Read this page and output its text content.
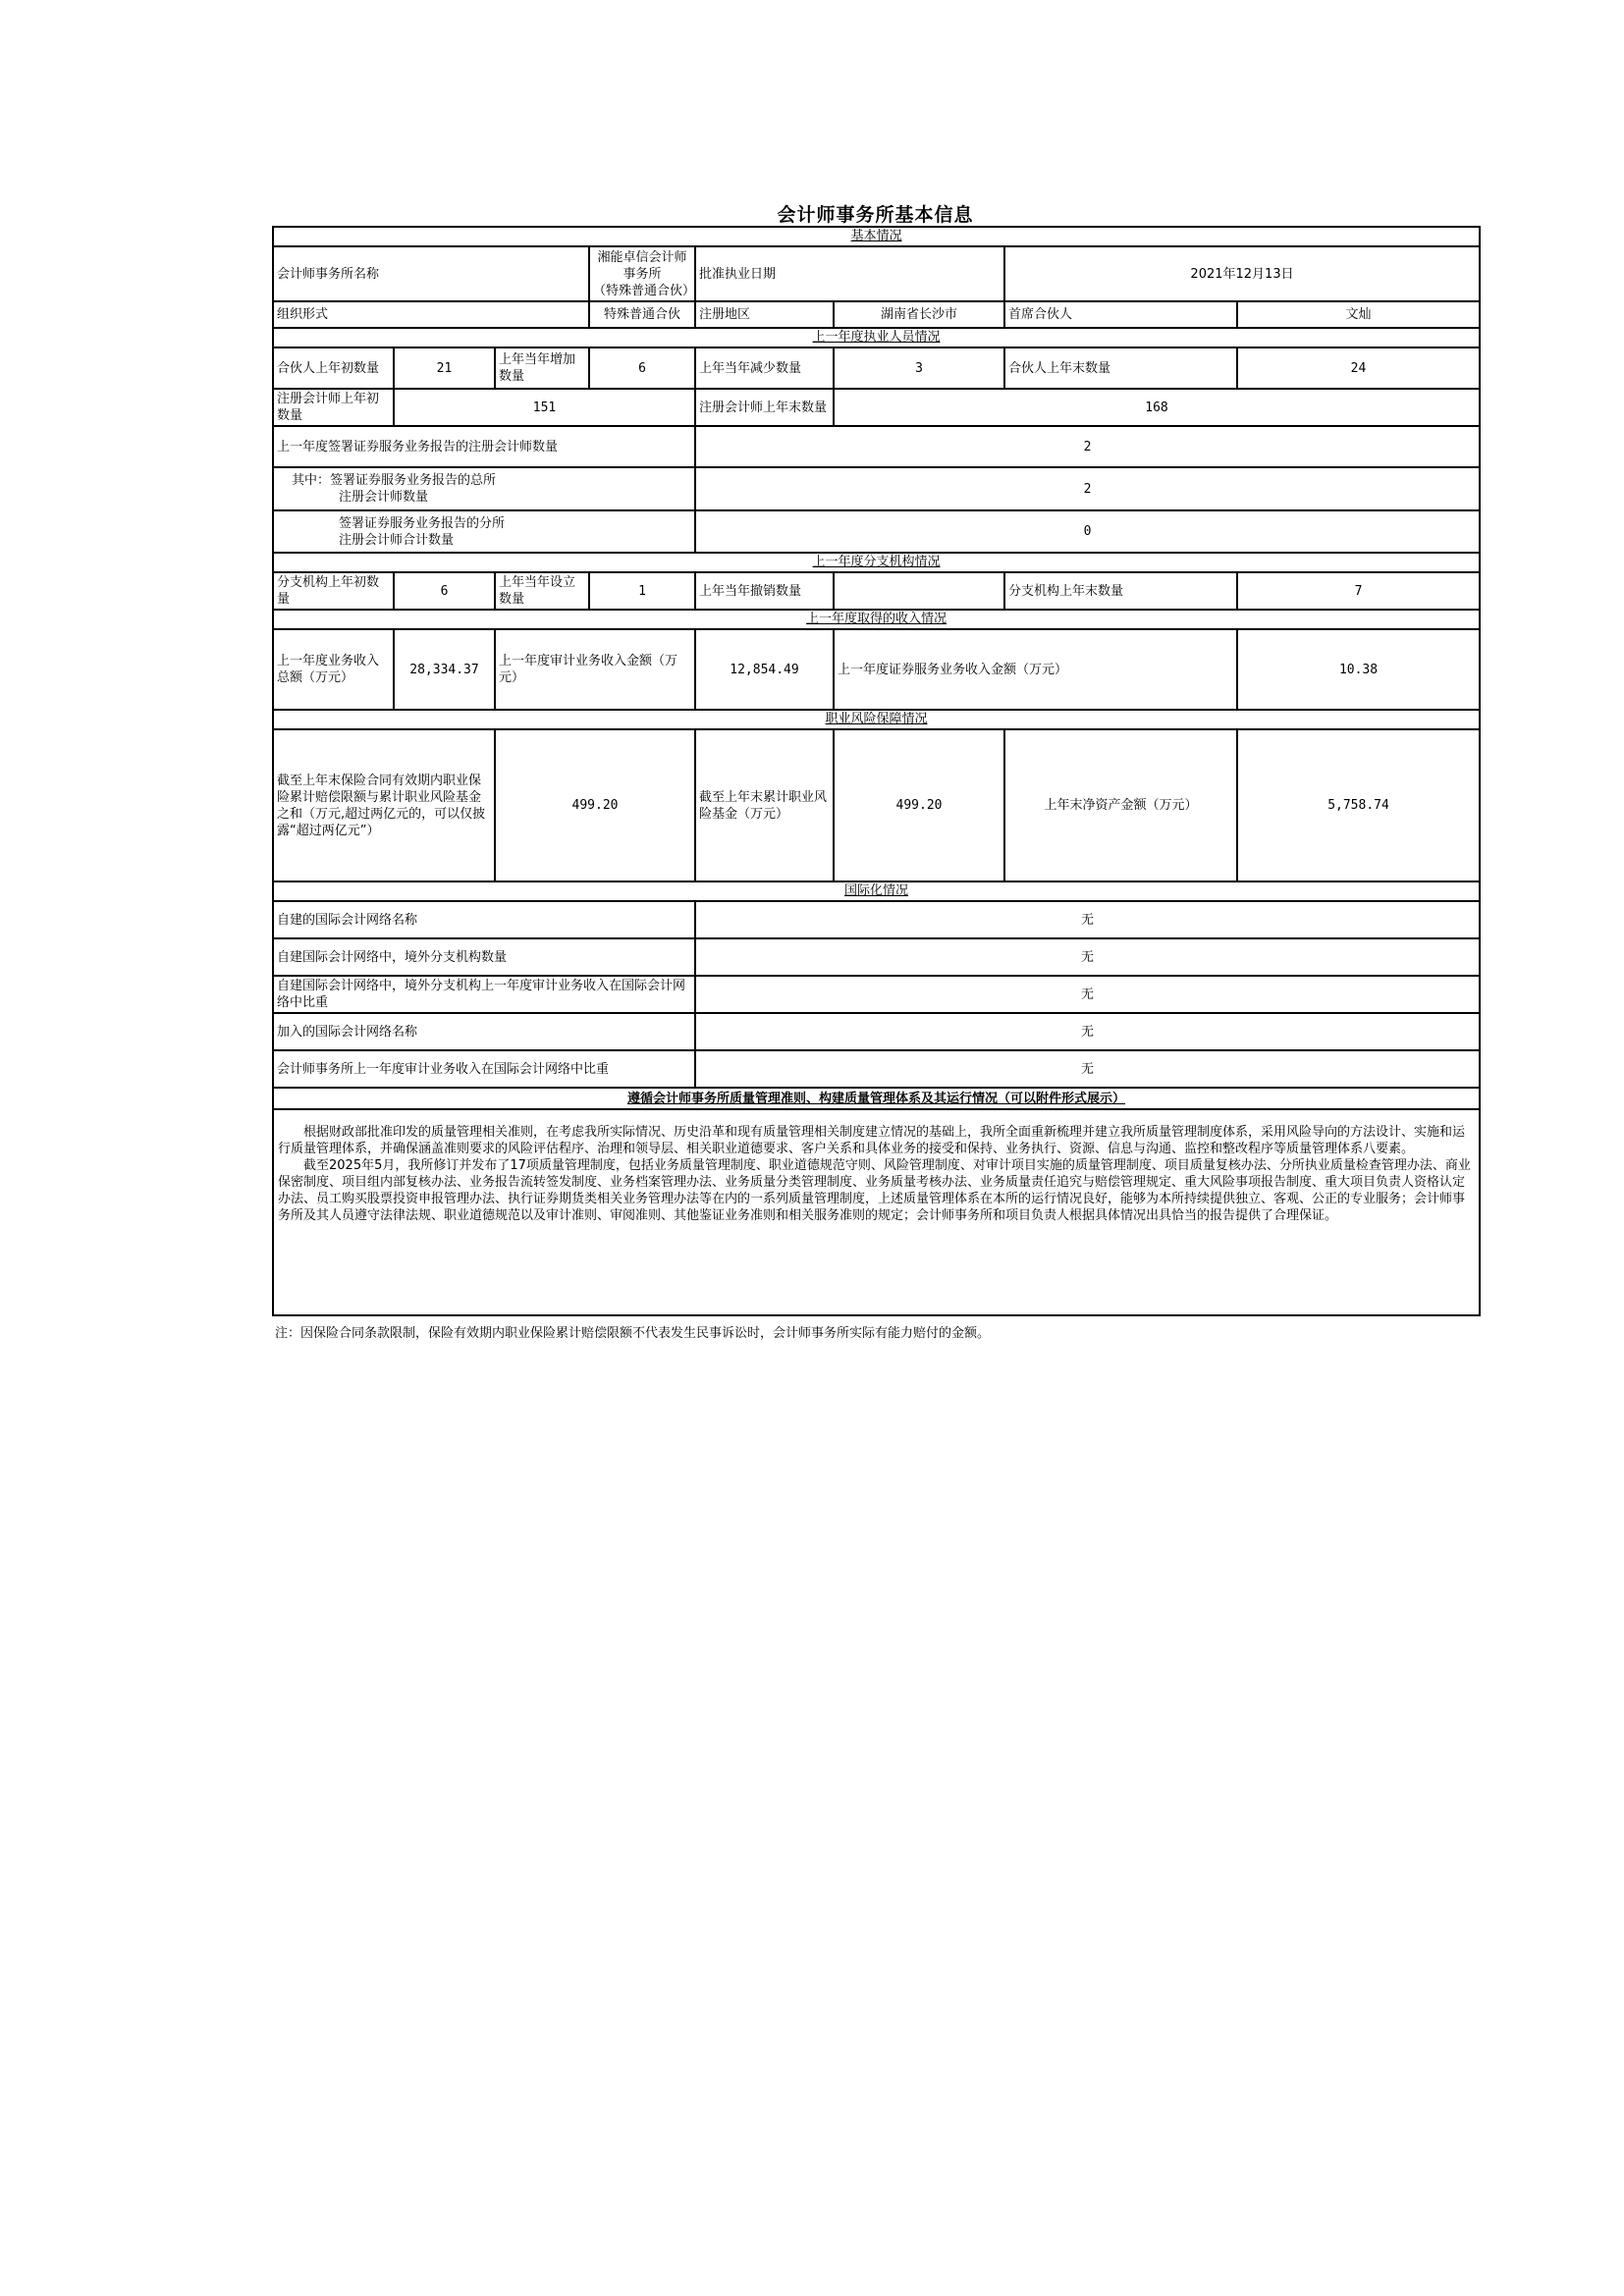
会计师事务所基本信息
基本情况							
会计师事务所名称			湘能卓信会计师事务所
（特殊普通合伙）	批准执业日期		2021年12月13日	
组织形式			特殊普通合伙	注册地区	湖南省长沙市	首席合伙人	文灿
上一年度执业人员情况							
合伙人上年初数量	21	上年当年增加数量	6	上年当年减少数量	3	合伙人上年末数量	24
注册会计师上年初数量	151			注册会计师上年末数量	168		
上一年度签署证券服务业务报告的注册会计师数量				2			

其中：签署证券服务业务报告的总所
注册会计师数量				2			

签署证券服务业务报告的分所
注册会计师合计数量				0			
上一年度分支机构情况							
分支机构上年初数量	6	上年当年设立数量	1	上年当年撤销数量		分支机构上年末数量	7
上一年度取得的收入情况							
上一年度业务收入总额（万元）	28,334.37	上一年度审计业务收入金额（万元）		12,854.49	上一年度证券服务业务收入金额（万元）		10.38
职业风险保障情况							
截至上年末保险合同有效期内职业保险累计赔偿限额与累计职业风险基金之和（万元,超过两亿元的，可以仅披露“超过两亿元”）		499.20		截至上年末累计职业风险基金（万元）	499.20	上年末净资产金额（万元）	5,758.74
国际化情况							
自建的国际会计网络名称				无			
自建国际会计网络中，境外分支机构数量				无			
自建国际会计网络中，境外分支机构上一年度审计业务收入在国际会计网络中比重				无			
加入的国际会计网络名称				无			
会计师事务所上一年度审计业务收入在国际会计网络中比重				无			
遵循会计师事务所质量管理准则、构建质量管理体系及其运行情况（可以附件形式展示）							

根据财政部批准印发的质量管理相关准则，在考虑我所实际情况、历史沿革和现有质量管理相关制度建立情况的基础上，我所全面重新梳理并建立我所质量管理制度体系，采用风险导向的方法设计、实施和运行质量管理体系，并确保涵盖准则要求的风险评估程序、治理和领导层、相关职业道德要求、客户关系和具体业务的接受和保持、业务执行、资源、信息与沟通、监控和整改程序等质量管理体系八要素。

截至2025年5月，我所修订并发布了17项质量管理制度，包括业务质量管理制度、职业道德规范守则、风险管理制度、对审计项目实施的质量管理制度、项目质量复核办法、分所执业质量检查管理办法、商业保密制度、项目组内部复核办法、业务报告流转签发制度、业务档案管理办法、业务质量分类管理制度、业务质量考核办法、业务质量责任追究与赔偿管理规定、重大风险事项报告制度、重大项目负责人资格认定办法、员工购买股票投资申报管理办法、执行证券期货类相关业务管理办法等在内的一系列质量管理制度，上述质量管理体系在本所的运行情况良好，能够为本所持续提供独立、客观、公正的专业服务；会计师事务所及其人员遵守法律法规、职业道德规范以及审计准则、审阅准则、其他鉴证业务准则和相关服务准则的规定；会计师事务所和项目负责人根据具体情况出具恰当的报告提供了合理保证。							

注：因保险合同条款限制，保险有效期内职业保险累计赔偿限额不代表发生民事诉讼时，会计师事务所实际有能力赔付的金额。
